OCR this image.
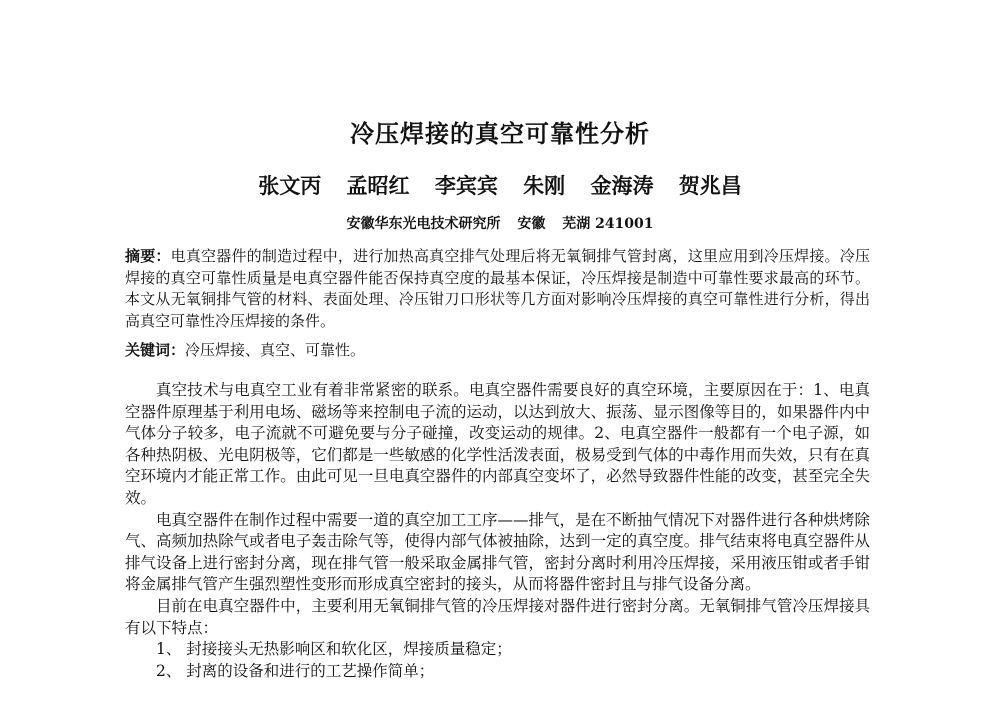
冷压焊接的真空可靠性分析
张文丙 孟昭红 李宾宾 朱刚 金海涛 贺兆昌
安徽华东光电技术研究所 安徽 芜湖 241001
摘要：电真空器件的制造过程中，进行加热高真空排气处理后将无氧铜排气管封离，这里应用到冷压焊接。冷压焊接的真空可靠性质量是电真空器件能否保持真空度的最基本保证，冷压焊接是制造中可靠性要求最高的环节。本文从无氧铜排气管的材料、表面处理、冷压钳刀口形状等几方面对影响冷压焊接的真空可靠性进行分析，得出高真空可靠性冷压焊接的条件。
关键词：冷压焊接、真空、可靠性。

真空技术与电真空工业有着非常紧密的联系。电真空器件需要良好的真空环境，主要原因在于：1、电真空器件原理基于利用电场、磁场等来控制电子流的运动，以达到放大、振荡、显示图像等目的，如果器件内中气体分子较多，电子流就不可避免要与分子碰撞，改变运动的规律。2、电真空器件一般都有一个电子源，如各种热阴极、光电阴极等，它们都是一些敏感的化学性活泼表面，极易受到气体的中毒作用而失效，只有在真空环境内才能正常工作。由此可见一旦电真空器件的内部真空变坏了，必然导致器件性能的改变，甚至完全失效。

电真空器件在制作过程中需要一道的真空加工工序——排气，是在不断抽气情况下对器件进行各种烘烤除气、高频加热除气或者电子轰击除气等，使得内部气体被抽除，达到一定的真空度。排气结束将电真空器件从排气设备上进行密封分离，现在排气管一般采取金属排气管，密封分离时利用冷压焊接，采用液压钳或者手钳将金属排气管产生强烈塑性变形而形成真空密封的接头，从而将器件密封且与排气设备分离。

目前在电真空器件中，主要利用无氧铜排气管的冷压焊接对器件进行密封分离。无氧铜排气管冷压焊接具有以下特点：

1、 封接接头无热影响区和软化区，焊接质量稳定；

2、 封离的设备和进行的工艺操作简单；
